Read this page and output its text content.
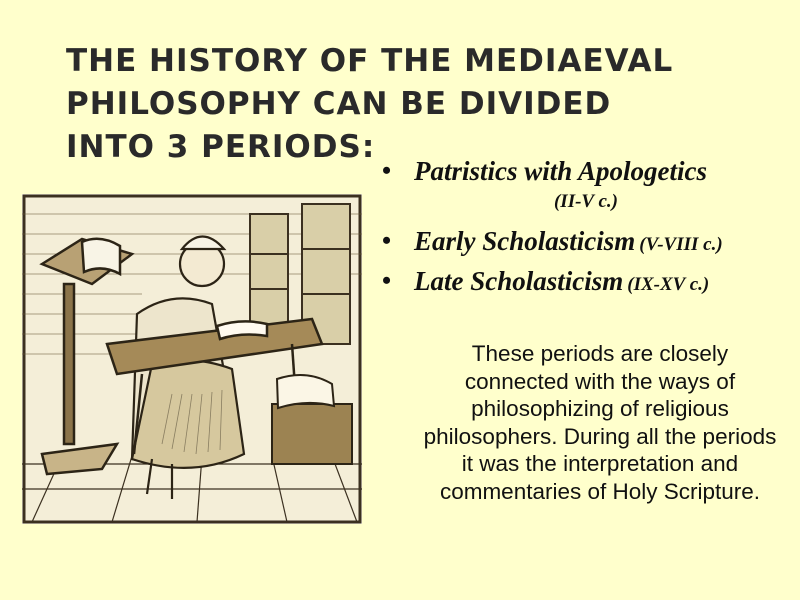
THE HISTORY OF THE MEDIAEVAL PHILOSOPHY CAN BE DIVIDED INTO 3 PERIODS:
• Patristics with Apologetics
(II-V c.)
• Early Scholasticism (V-VIII c.)
• Late Scholasticism (IX-XV c.)

These periods are closely connected with the ways of philosophizing of religious philosophers. During all the periods it was the interpretation and commentaries of Holy Scripture.
